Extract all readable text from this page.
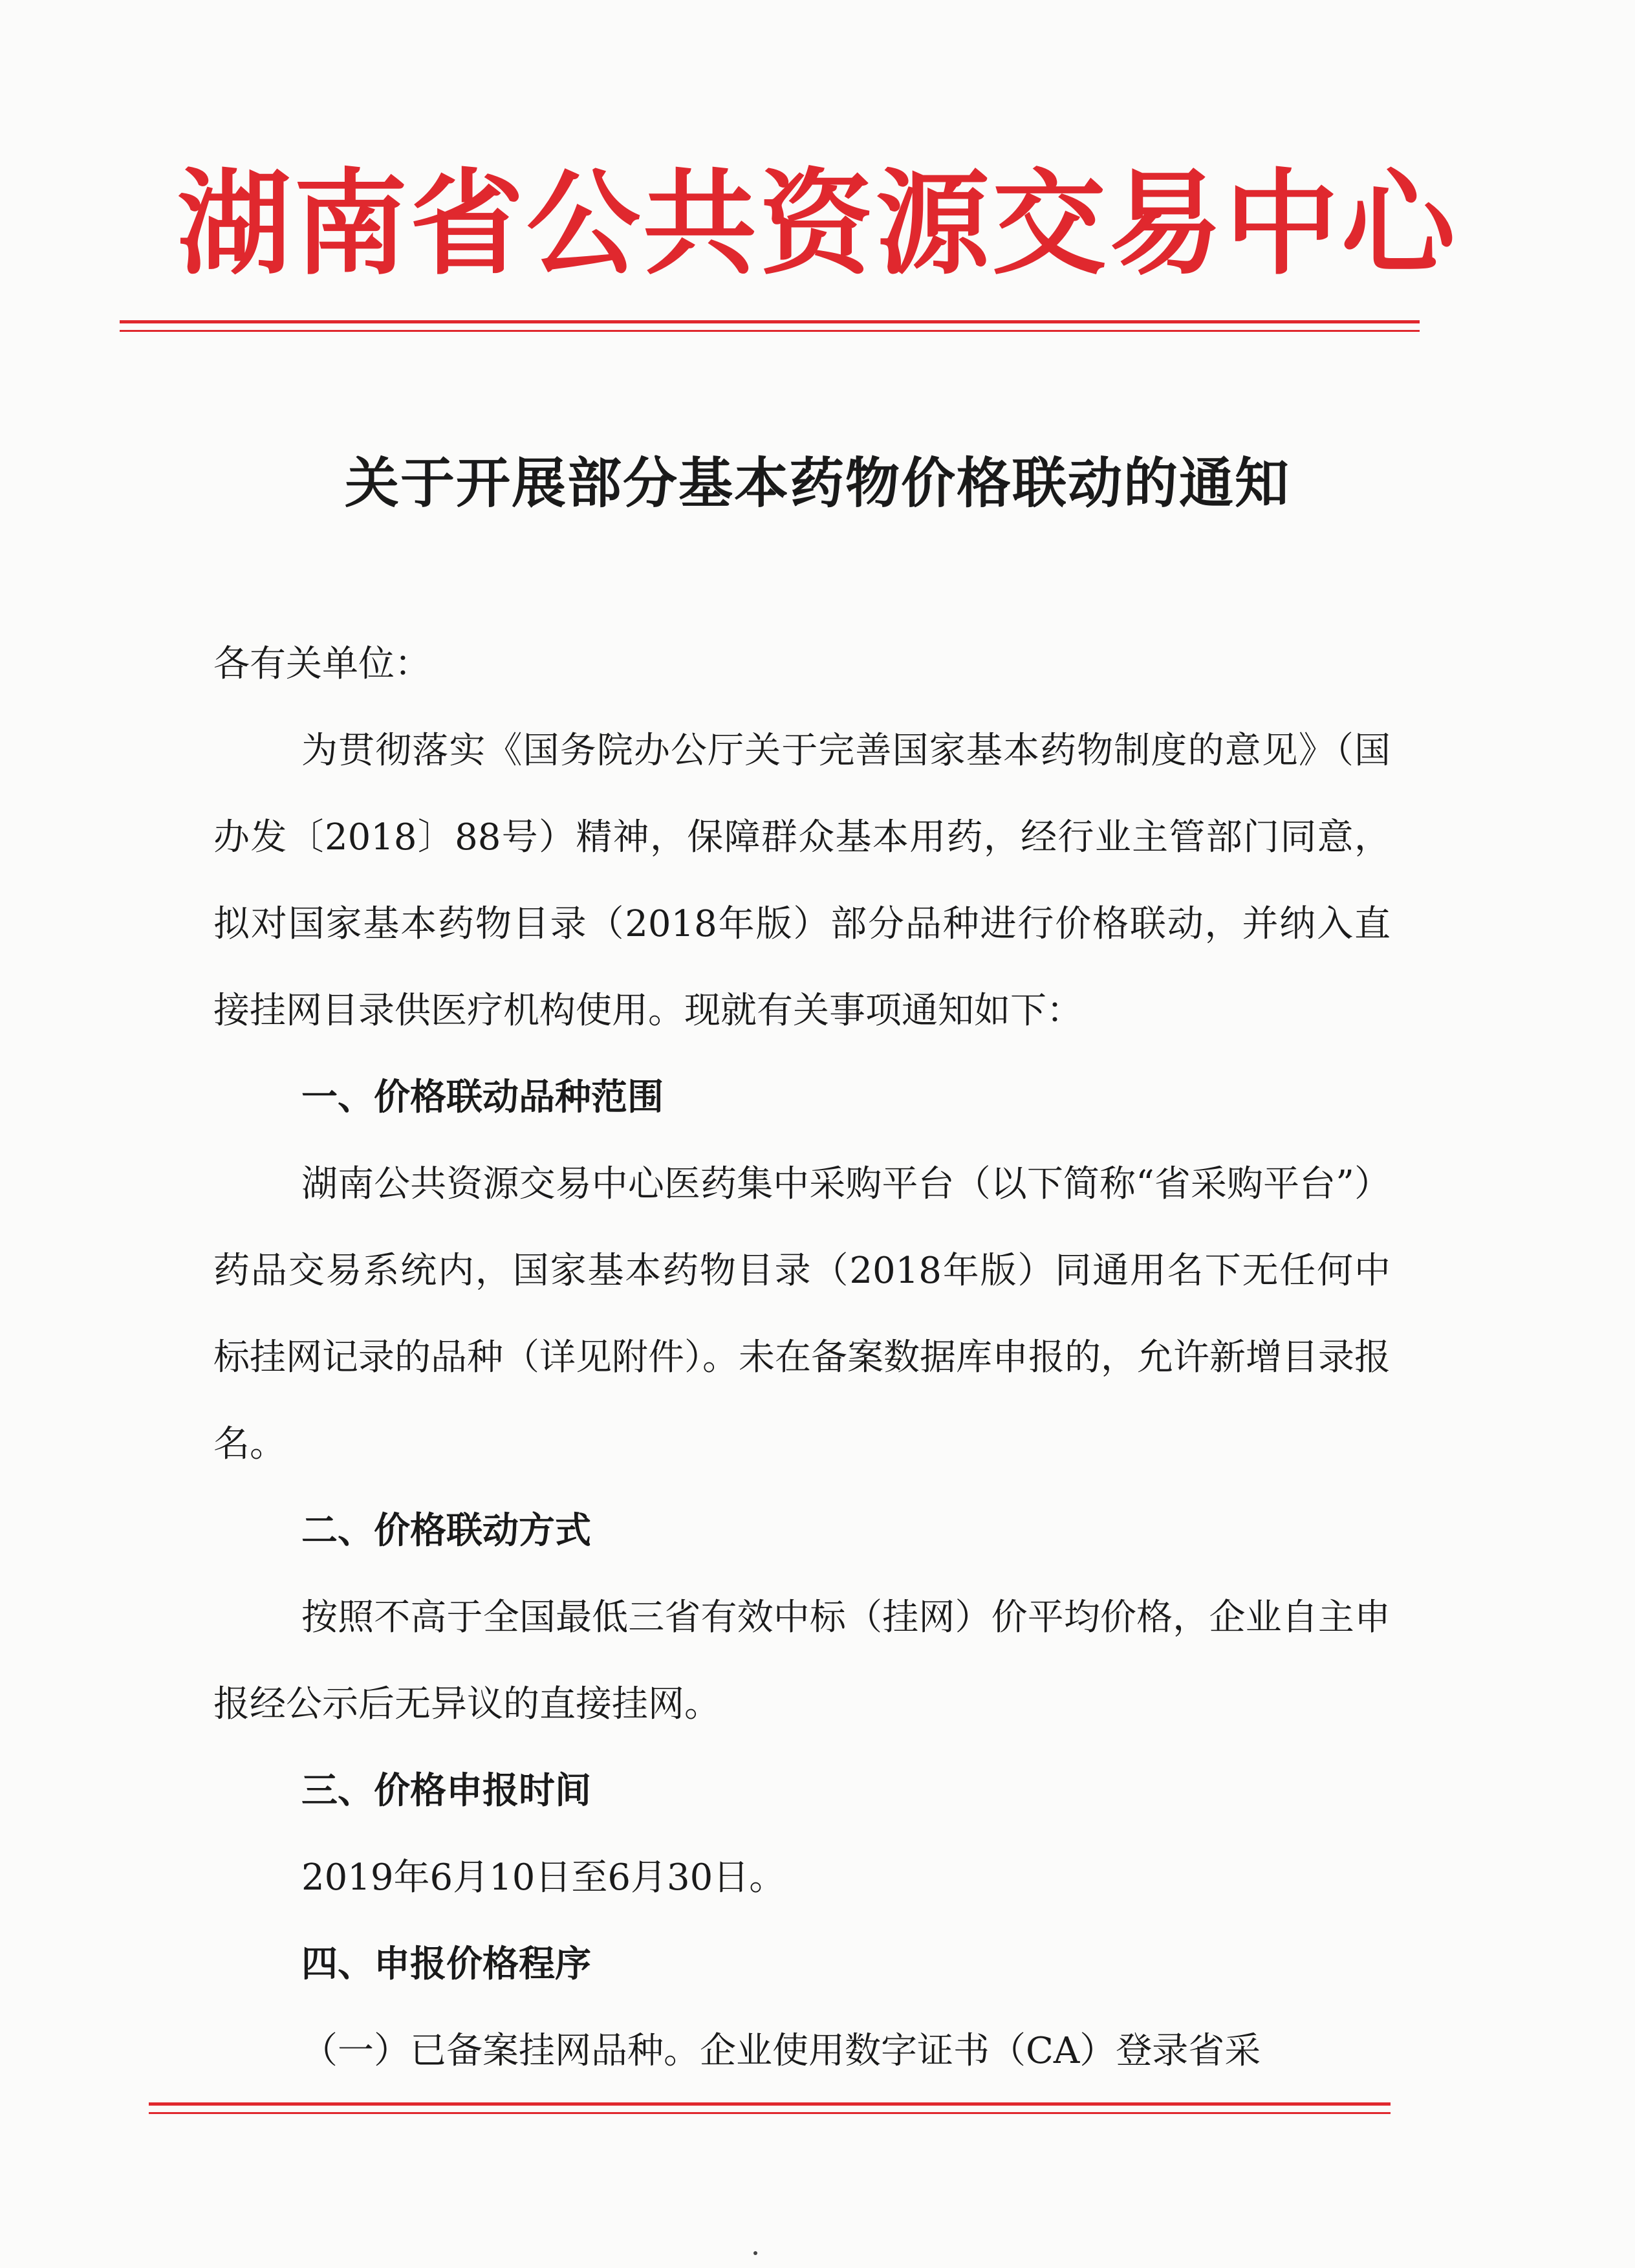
湖南省公共资源交易中心
关于开展部分基本药物价格联动的通知

各有关单位：

为贯彻落实《国务院办公厅关于完善国家基本药物制度的意见》（国办发〔2018〕88号）精神，保障群众基本用药，经行业主管部门同意，拟对国家基本药物目录（2018年版）部分品种进行价格联动，并纳入直接挂网目录供医疗机构使用。现就有关事项通知如下：

一、价格联动品种范围

湖南公共资源交易中心医药集中采购平台（以下简称“省采购平台”）药品交易系统内，国家基本药物目录（2018年版）同通用名下无任何中标挂网记录的品种（详见附件）。未在备案数据库申报的，允许新增目录报名。

二、价格联动方式

按照不高于全国最低三省有效中标（挂网）价平均价格，企业自主申报经公示后无异议的直接挂网。

三、价格申报时间

2019年6月10日至6月30日。

四、申报价格程序

（一）已备案挂网品种。企业使用数字证书（CA）登录省采
